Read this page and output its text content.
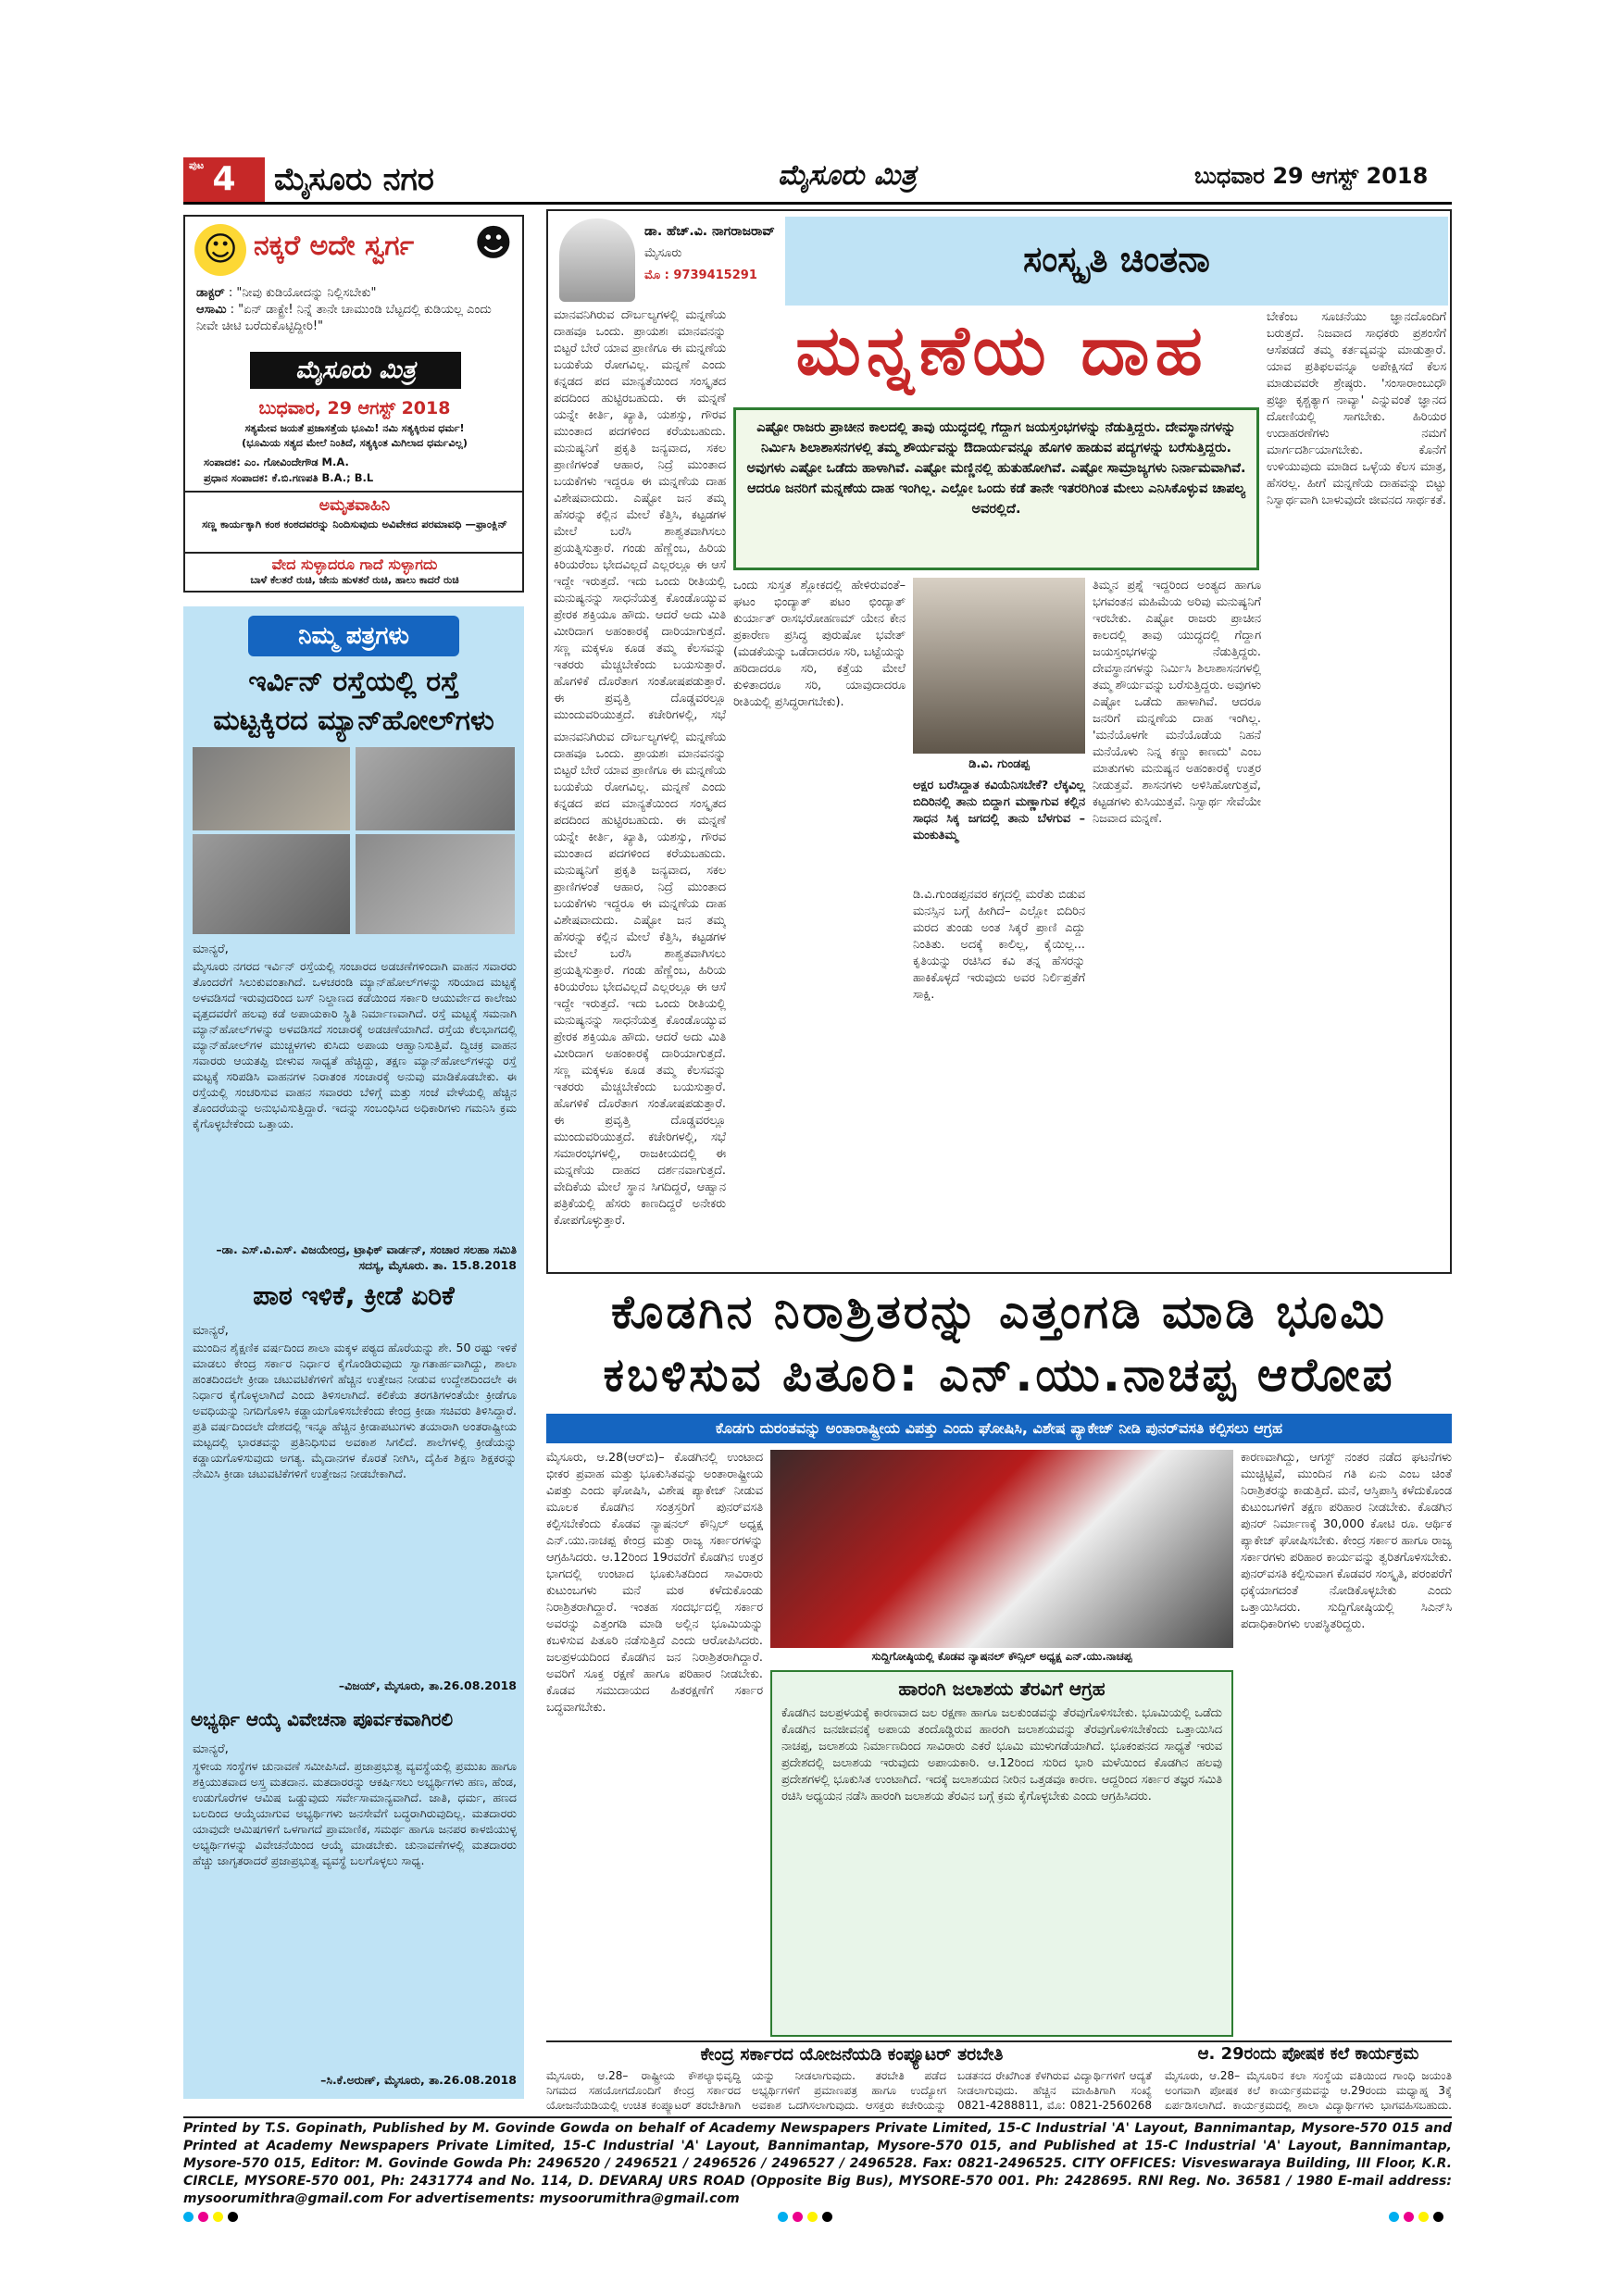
ಪುಟ 4	ಮೈಸೂರು ನಗರ	ಮೈಸೂರು ಮಿತ್ರ	ಬುಧವಾರ 29 ಆಗಸ್ಟ್ 2018
☺ ನಕ್ಕರೆ ಅದೇ ಸ್ವರ್ಗ ☻
ಡಾಕ್ಟರ್ : "ನೀವು ಕುಡಿಯೋದನ್ನು ನಿಲ್ಲಿಸಬೇಕು"
ಆಸಾಮಿ : "ಏನ್ ಡಾಕ್ಟ್ರೇ! ನಿನ್ನೆ ತಾನೇ ಚಾಮುಂಡಿ ಬೆಟ್ಟದಲ್ಲಿ ಕುಡಿಯಲ್ಲ ಎಂದು ನೀವೇ ಚೀಟಿ ಬರೆದುಕೊಟ್ಟಿದ್ದೀರಿ!"
ಮೈಸೂರು ಮಿತ್ರ
ಬುಧವಾರ, 29 ಆಗಸ್ಟ್ 2018
ಸತ್ಯಮೇವ ಜಯತೆ ಪ್ರಜಾಸತ್ತೆಯ ಭೂಮಿ! ನಮಿ ಸತ್ಯಕ್ಕಿರುವ ಧರ್ಮ!
(ಭೂಮಿಯ ಸತ್ಯದ ಮೇಲೆ ನಿಂತಿದೆ, ಸತ್ಯಕ್ಕಿಂತ ಮಿಗಿಲಾದ ಧರ್ಮವಿಲ್ಲ)
ಸಂಪಾದಕ: ಎಂ. ಗೋವಿಂದೇಗೌಡ M.A.
ಪ್ರಧಾನ ಸಂಪಾದಕ: ಕೆ.ಬಿ.ಗಣಪತಿ B.A.; B.L
ಅಮೃತವಾಹಿನಿ
ಸಣ್ಣ ಕಾರ್ಯಕ್ಕಾಗಿ ಕಂಠ ಕಂಠದವರನ್ನು ನಿಂದಿಸುವುದು ಅವಿವೇಕದ ಪರಮಾವಧಿ —ಫ್ರಾಂಕ್ಲಿನ್
ವೇದ ಸುಳ್ಳಾದರೂ ಗಾದೆ ಸುಳ್ಳಾಗದು
ಬಾಳೆ ಕೆಲತರೆ ರುಚಿ, ಜೇನು ಹುಳತರೆ ರುಚಿ, ಹಾಲು ಕಾದರೆ ರುಚಿ
ನಿಮ್ಮ ಪತ್ರಗಳು
ಇರ್ವಿನ್ ರಸ್ತೆಯಲ್ಲಿ ರಸ್ತೆ
ಮಟ್ಟಕ್ಕಿರದ ಮ್ಯಾನ್‌ಹೋಲ್‌ಗಳು
ಮಾನ್ಯರೆ,
ಮೈಸೂರು ನಗರದ ಇರ್ವಿನ್ ರಸ್ತೆಯಲ್ಲಿ ಸಂಚಾರದ ಅಡಚಣೆಗಳಿಂದಾಗಿ ವಾಹನ ಸವಾರರು ತೊಂದರೆಗೆ ಸಿಲುಕುವಂತಾಗಿದೆ. ಒಳಚರಂಡಿ ಮ್ಯಾನ್‌ಹೋಲ್‌ಗಳನ್ನು ಸರಿಯಾದ ಮಟ್ಟಕ್ಕೆ ಅಳವಡಿಸದೆ ಇರುವುದರಿಂದ ಬಸ್ ನಿಲ್ದಾಣದ ಕಡೆಯಿಂದ ಸರ್ಕಾರಿ ಆಯುರ್ವೇದ ಕಾಲೇಜು ವೃತ್ತದವರೆಗೆ ಹಲವು ಕಡೆ ಅಪಾಯಕಾರಿ ಸ್ಥಿತಿ ನಿರ್ಮಾಣವಾಗಿದೆ. ರಸ್ತೆ ಮಟ್ಟಕ್ಕೆ ಸಮನಾಗಿ ಮ್ಯಾನ್‌ಹೋಲ್‌ಗಳನ್ನು ಅಳವಡಿಸದೆ ಸಂಚಾರಕ್ಕೆ ಅಡಚಣೆಯಾಗಿದೆ. ರಸ್ತೆಯ ಕೆಲಭಾಗದಲ್ಲಿ ಮ್ಯಾನ್‌ಹೋಲ್‌ಗಳ ಮುಚ್ಚಳಗಳು ಕುಸಿದು ಅಪಾಯ ಆಹ್ವಾನಿಸುತ್ತಿವೆ. ದ್ವಿಚಕ್ರ ವಾಹನ ಸವಾರರು ಆಯತಪ್ಪಿ ಬೀಳುವ ಸಾಧ್ಯತೆ ಹೆಚ್ಚಿದ್ದು, ತಕ್ಷಣ ಮ್ಯಾನ್‌ಹೋಲ್‌ಗಳನ್ನು ರಸ್ತೆ ಮಟ್ಟಕ್ಕೆ ಸರಿಪಡಿಸಿ ವಾಹನಗಳ ನಿರಾತಂಕ ಸಂಚಾರಕ್ಕೆ ಅನುವು ಮಾಡಿಕೊಡಬೇಕು. ಈ ರಸ್ತೆಯಲ್ಲಿ ಸಂಚರಿಸುವ ವಾಹನ ಸವಾರರು ಬೆಳಿಗ್ಗೆ ಮತ್ತು ಸಂಜೆ ವೇಳೆಯಲ್ಲಿ ಹೆಚ್ಚಿನ ತೊಂದರೆಯನ್ನು ಅನುಭವಿಸುತ್ತಿದ್ದಾರೆ. ಇದನ್ನು ಸಂಬಂಧಿಸಿದ ಅಧಿಕಾರಿಗಳು ಗಮನಿಸಿ ಕ್ರಮ ಕೈಗೊಳ್ಳಬೇಕೆಂದು ಒತ್ತಾಯ.
–ಡಾ. ಎಸ್.ವಿ.ಎಸ್. ವಿಜಯೇಂದ್ರ, ಟ್ರಾಫಿಕ್ ವಾರ್ಡನ್, ಸಂಚಾರ ಸಲಹಾ ಸಮಿತಿ ಸದಸ್ಯ, ಮೈಸೂರು. ತಾ. 15.8.2018
ಪಾಠ ಇಳಿಕೆ, ಕ್ರೀಡೆ ಏರಿಕೆ
ಮಾನ್ಯರೆ,
ಮುಂದಿನ ಶೈಕ್ಷಣಿಕ ವರ್ಷದಿಂದ ಶಾಲಾ ಮಕ್ಕಳ ಪಠ್ಯದ ಹೊರೆಯನ್ನು ಶೇ. 50 ರಷ್ಟು ಇಳಿಕೆ ಮಾಡಲು ಕೇಂದ್ರ ಸರ್ಕಾರ ನಿರ್ಧಾರ ಕೈಗೊಂಡಿರುವುದು ಸ್ವಾಗತಾರ್ಹವಾಗಿದ್ದು, ಶಾಲಾ ಹಂತದಿಂದಲೇ ಕ್ರೀಡಾ ಚಟುವಟಿಕೆಗಳಿಗೆ ಹೆಚ್ಚಿನ ಉತ್ತೇಜನ ನೀಡುವ ಉದ್ದೇಶದಿಂದಲೇ ಈ ನಿರ್ಧಾರ ಕೈಗೊಳ್ಳಲಾಗಿದೆ ಎಂದು ತಿಳಿಸಲಾಗಿದೆ. ಕಲಿಕೆಯ ತರಗತಿಗಳಂತೆಯೇ ಕ್ರೀಡೆಗೂ ಅವಧಿಯನ್ನು ನಿಗದಿಗೊಳಿಸಿ ಕಡ್ಡಾಯಗೊಳಿಸಬೇಕೆಂದು ಕೇಂದ್ರ ಕ್ರೀಡಾ ಸಚಿವರು ತಿಳಿಸಿದ್ದಾರೆ. ಪ್ರತಿ ವರ್ಷದಿಂದಲೇ ದೇಶದಲ್ಲಿ ಇನ್ನೂ ಹೆಚ್ಚಿನ ಕ್ರೀಡಾಪಟುಗಳು ತಯಾರಾಗಿ ಅಂತರಾಷ್ಟ್ರೀಯ ಮಟ್ಟದಲ್ಲಿ ಭಾರತವನ್ನು ಪ್ರತಿನಿಧಿಸುವ ಅವಕಾಶ ಸಿಗಲಿದೆ. ಶಾಲೆಗಳಲ್ಲಿ ಕ್ರೀಡೆಯನ್ನು ಕಡ್ಡಾಯಗೊಳಿಸುವುದು ಅಗತ್ಯ. ಮೈದಾನಗಳ ಕೊರತೆ ನೀಗಿಸಿ, ದೈಹಿಕ ಶಿಕ್ಷಣ ಶಿಕ್ಷಕರನ್ನು ನೇಮಿಸಿ ಕ್ರೀಡಾ ಚಟುವಟಿಕೆಗಳಿಗೆ ಉತ್ತೇಜನ ನೀಡಬೇಕಾಗಿದೆ.
–ವಿಜಯ್, ಮೈಸೂರು, ತಾ.26.08.2018
ಅಭ್ಯರ್ಥಿ ಆಯ್ಕೆ ವಿವೇಚನಾ ಪೂರ್ವಕವಾಗಿರಲಿ
ಮಾನ್ಯರೆ,
ಸ್ಥಳೀಯ ಸಂಸ್ಥೆಗಳ ಚುನಾವಣೆ ಸಮೀಪಿಸಿದೆ. ಪ್ರಜಾಪ್ರಭುತ್ವ ವ್ಯವಸ್ಥೆಯಲ್ಲಿ ಪ್ರಮುಖ ಹಾಗೂ ಶಕ್ತಿಯುತವಾದ ಅಸ್ತ್ರ ಮತದಾನ. ಮತದಾರರನ್ನು ಆಕರ್ಷಿಸಲು ಅಭ್ಯರ್ಥಿಗಳು ಹಣ, ಹೆಂಡ, ಉಡುಗೊರೆಗಳ ಆಮಿಷ ಒಡ್ಡುವುದು ಸರ್ವೇಸಾಮಾನ್ಯವಾಗಿದೆ. ಜಾತಿ, ಧರ್ಮ, ಹಣದ ಬಲದಿಂದ ಆಯ್ಕೆಯಾಗುವ ಅಭ್ಯರ್ಥಿಗಳು ಜನಸೇವೆಗೆ ಬದ್ಧರಾಗಿರುವುದಿಲ್ಲ. ಮತದಾರರು ಯಾವುದೇ ಆಮಿಷಗಳಿಗೆ ಒಳಗಾಗದೆ ಪ್ರಾಮಾಣಿಕ, ಸಮರ್ಥ ಹಾಗೂ ಜನಪರ ಕಾಳಜಿಯುಳ್ಳ ಅಭ್ಯರ್ಥಿಗಳನ್ನು ವಿವೇಚನೆಯಿಂದ ಆಯ್ಕೆ ಮಾಡಬೇಕು. ಚುನಾವಣೆಗಳಲ್ಲಿ ಮತದಾರರು ಹೆಚ್ಚು ಜಾಗೃತರಾದರೆ ಪ್ರಜಾಪ್ರಭುತ್ವ ವ್ಯವಸ್ಥೆ ಬಲಗೊಳ್ಳಲು ಸಾಧ್ಯ.
–ಸಿ.ಕೆ.ಅರುಣ್, ಮೈಸೂರು, ತಾ.26.08.2018
ಡಾ. ಹೆಚ್.ವಿ. ನಾಗರಾಜರಾವ್
ಮೈಸೂರು
ಮೊ : 9739415291	ಸಂಸ್ಕೃತಿ ಚಿಂತನಾ
ಮನ್ನಣೆಯ ದಾಹ
ಮಾನವನಿಗಿರುವ ದೌರ್ಬಲ್ಯಗಳಲ್ಲಿ ಮನ್ನಣೆಯ ದಾಹವೂ ಒಂದು. ಪ್ರಾಯಶಃ ಮಾನವನನ್ನು ಬಿಟ್ಟರೆ ಬೇರೆ ಯಾವ ಪ್ರಾಣಿಗೂ ಈ ಮನ್ನಣೆಯ ಬಯಕೆಯ ರೋಗವಿಲ್ಲ. ಮನ್ನಣೆ ಎಂದು ಕನ್ನಡದ ಪದ ಮಾನ್ಯತೆಯಿಂದ ಸಂಸ್ಕೃತದ ಪದದಿಂದ ಹುಟ್ಟಿರಬಹುದು. ಈ ಮನ್ನಣೆ ಯನ್ನೇ ಕೀರ್ತಿ, ಖ್ಯಾತಿ, ಯಶಸ್ಸು, ಗೌರವ ಮುಂತಾದ ಪದಗಳಿಂದ ಕರೆಯಬಹುದು. ಮನುಷ್ಯನಿಗೆ ಪ್ರಕೃತಿ ಜನ್ಯವಾದ, ಸಕಲ ಪ್ರಾಣಿಗಳಂತೆ ಆಹಾರ, ನಿದ್ರೆ ಮುಂತಾದ ಬಯಕೆಗಳು ಇದ್ದರೂ ಈ ಮನ್ನಣೆಯ ದಾಹ ವಿಶೇಷವಾದುದು. ಎಷ್ಟೋ ಜನ ತಮ್ಮ ಹೆಸರನ್ನು ಕಲ್ಲಿನ ಮೇಲೆ ಕೆತ್ತಿಸಿ, ಕಟ್ಟಡಗಳ ಮೇಲೆ ಬರೆಸಿ ಶಾಶ್ವತವಾಗಿಸಲು ಪ್ರಯತ್ನಿಸುತ್ತಾರೆ. ಗಂಡು ಹೆಣ್ಣೆಂಬ, ಹಿರಿಯ ಕಿರಿಯರೆಂಬ ಭೇದವಿಲ್ಲದೆ ಎಲ್ಲರಲ್ಲೂ ಈ ಆಸೆ ಇದ್ದೇ ಇರುತ್ತದೆ. ಇದು ಒಂದು ರೀತಿಯಲ್ಲಿ ಮನುಷ್ಯನನ್ನು ಸಾಧನೆಯತ್ತ ಕೊಂಡೊಯ್ಯುವ ಪ್ರೇರಕ ಶಕ್ತಿಯೂ ಹೌದು. ಆದರೆ ಅದು ಮಿತಿ ಮೀರಿದಾಗ ಅಹಂಕಾರಕ್ಕೆ ದಾರಿಯಾಗುತ್ತದೆ. ಸಣ್ಣ ಮಕ್ಕಳೂ ಕೂಡ ತಮ್ಮ ಕೆಲಸವನ್ನು ಇತರರು ಮೆಚ್ಚಬೇಕೆಂದು ಬಯಸುತ್ತಾರೆ. ಹೊಗಳಿಕೆ ದೊರೆತಾಗ ಸಂತೋಷಪಡುತ್ತಾರೆ. ಈ ಪ್ರವೃತ್ತಿ ದೊಡ್ಡವರಲ್ಲೂ ಮುಂದುವರಿಯುತ್ತದೆ. ಕಚೇರಿಗಳಲ್ಲಿ, ಸಭೆ
ಎಷ್ಟೋ ರಾಜರು ಪ್ರಾಚೀನ ಕಾಲದಲ್ಲಿ ತಾವು ಯುದ್ಧದಲ್ಲಿ ಗೆದ್ದಾಗ ಜಯಸ್ತಂಭಗಳನ್ನು ನೆಡುತ್ತಿದ್ದರು. ದೇವಸ್ಥಾನಗಳನ್ನು ನಿರ್ಮಿಸಿ ಶಿಲಾಶಾಸನಗಳಲ್ಲಿ ತಮ್ಮ ಶೌರ್ಯವನ್ನು ಔದಾರ್ಯವನ್ನೂ ಹೊಗಳಿ ಹಾಡುವ ಪದ್ಯಗಳನ್ನು ಬರೆಸುತ್ತಿದ್ದರು. ಅವುಗಳು ಎಷ್ಟೋ ಒಡೆದು ಹಾಳಾಗಿವೆ. ಎಷ್ಟೋ ಮಣ್ಣಿನಲ್ಲಿ ಹುತುಹೋಗಿವೆ. ಎಷ್ಟೋ ಸಾಮ್ರಾಜ್ಯಗಳು ನಿರ್ನಾಮವಾಗಿವೆ. ಆದರೂ ಜನರಿಗೆ ಮನ್ನಣೆಯ ದಾಹ ಇಂಗಿಲ್ಲ. ಎಲ್ಲೋ ಒಂದು ಕಡೆ ತಾನೇ ಇತರರಿಗಿಂತ ಮೇಲು ಎನಿಸಿಕೊಳ್ಳುವ ಚಾಪಲ್ಯ ಅವರಲ್ಲಿದೆ.
ಬೇಕೆಂಬ ಸೂಚನೆಯು ಜ್ಞಾನದೊಂದಿಗೆ ಬರುತ್ತದೆ. ನಿಜವಾದ ಸಾಧಕರು ಪ್ರಶಂಸೆಗೆ ಆಸೆಪಡದೆ ತಮ್ಮ ಕರ್ತವ್ಯವನ್ನು ಮಾಡುತ್ತಾರೆ. ಯಾವ ಪ್ರತಿಫಲವನ್ನೂ ಅಪೇಕ್ಷಿಸದೆ ಕೆಲಸ ಮಾಡುವವರೇ ಶ್ರೇಷ್ಠರು. 'ಸಂಸಾರಾಂಬುಧೌ ಪ್ರಜ್ಞಾ ಕೃಶ್ಚತ್ಯಾಗ ನಾವ್ಯಾ' ಎನ್ನುವಂತೆ ಜ್ಞಾನದ ದೋಣಿಯಲ್ಲಿ ಸಾಗಬೇಕು. ಹಿರಿಯರ ಉದಾಹರಣೆಗಳು ನಮಗೆ ಮಾರ್ಗದರ್ಶಿಯಾಗಬೇಕು. ಕೊನೆಗೆ ಉಳಿಯುವುದು ಮಾಡಿದ ಒಳ್ಳೆಯ ಕೆಲಸ ಮಾತ್ರ, ಹೆಸರಲ್ಲ. ಹೀಗೆ ಮನ್ನಣೆಯ ದಾಹವನ್ನು ಬಿಟ್ಟು ನಿಸ್ವಾರ್ಥವಾಗಿ ಬಾಳುವುದೇ ಜೀವನದ ಸಾರ್ಥಕತೆ.
ಮಾನವನಿಗಿರುವ ದೌರ್ಬಲ್ಯಗಳಲ್ಲಿ ಮನ್ನಣೆಯ ದಾಹವೂ ಒಂದು. ಪ್ರಾಯಶಃ ಮಾನವನನ್ನು ಬಿಟ್ಟರೆ ಬೇರೆ ಯಾವ ಪ್ರಾಣಿಗೂ ಈ ಮನ್ನಣೆಯ ಬಯಕೆಯ ರೋಗವಿಲ್ಲ. ಮನ್ನಣೆ ಎಂದು ಕನ್ನಡದ ಪದ ಮಾನ್ಯತೆಯಿಂದ ಸಂಸ್ಕೃತದ ಪದದಿಂದ ಹುಟ್ಟಿರಬಹುದು. ಈ ಮನ್ನಣೆ ಯನ್ನೇ ಕೀರ್ತಿ, ಖ್ಯಾತಿ, ಯಶಸ್ಸು, ಗೌರವ ಮುಂತಾದ ಪದಗಳಿಂದ ಕರೆಯಬಹುದು. ಮನುಷ್ಯನಿಗೆ ಪ್ರಕೃತಿ ಜನ್ಯವಾದ, ಸಕಲ ಪ್ರಾಣಿಗಳಂತೆ ಆಹಾರ, ನಿದ್ರೆ ಮುಂತಾದ ಬಯಕೆಗಳು ಇದ್ದರೂ ಈ ಮನ್ನಣೆಯ ದಾಹ ವಿಶೇಷವಾದುದು. ಎಷ್ಟೋ ಜನ ತಮ್ಮ ಹೆಸರನ್ನು ಕಲ್ಲಿನ ಮೇಲೆ ಕೆತ್ತಿಸಿ, ಕಟ್ಟಡಗಳ ಮೇಲೆ ಬರೆಸಿ ಶಾಶ್ವತವಾಗಿಸಲು ಪ್ರಯತ್ನಿಸುತ್ತಾರೆ. ಗಂಡು ಹೆಣ್ಣೆಂಬ, ಹಿರಿಯ ಕಿರಿಯರೆಂಬ ಭೇದವಿಲ್ಲದೆ ಎಲ್ಲರಲ್ಲೂ ಈ ಆಸೆ ಇದ್ದೇ ಇರುತ್ತದೆ. ಇದು ಒಂದು ರೀತಿಯಲ್ಲಿ ಮನುಷ್ಯನನ್ನು ಸಾಧನೆಯತ್ತ ಕೊಂಡೊಯ್ಯುವ ಪ್ರೇರಕ ಶಕ್ತಿಯೂ ಹೌದು. ಆದರೆ ಅದು ಮಿತಿ ಮೀರಿದಾಗ ಅಹಂಕಾರಕ್ಕೆ ದಾರಿಯಾಗುತ್ತದೆ. ಸಣ್ಣ ಮಕ್ಕಳೂ ಕೂಡ ತಮ್ಮ ಕೆಲಸವನ್ನು ಇತರರು ಮೆಚ್ಚಬೇಕೆಂದು ಬಯಸುತ್ತಾರೆ. ಹೊಗಳಿಕೆ ದೊರೆತಾಗ ಸಂತೋಷಪಡುತ್ತಾರೆ. ಈ ಪ್ರವೃತ್ತಿ ದೊಡ್ಡವರಲ್ಲೂ ಮುಂದುವರಿಯುತ್ತದೆ. ಕಚೇರಿಗಳಲ್ಲಿ, ಸಭೆ ಸಮಾರಂಭಗಳಲ್ಲಿ, ರಾಜಕೀಯದಲ್ಲಿ ಈ ಮನ್ನಣೆಯ ದಾಹದ ದರ್ಶನವಾಗುತ್ತದೆ. ವೇದಿಕೆಯ ಮೇಲೆ ಸ್ಥಾನ ಸಿಗದಿದ್ದರೆ, ಆಹ್ವಾನ ಪತ್ರಿಕೆಯಲ್ಲಿ ಹೆಸರು ಕಾಣದಿದ್ದರೆ ಅನೇಕರು ಕೋಪಗೊಳ್ಳುತ್ತಾರೆ.
ಒಂದು ಸುಸ್ತತ ಶ್ಲೋಕದಲ್ಲಿ ಹೇಳಿರುವಂತೆ– ಘಟಂ ಭಿಂದ್ಯಾತ್ ಪಟಂ ಛಿಂದ್ಯಾತ್ ಕುರ್ಯಾತ್ ರಾಸಭರೋಹಣಮ್ ಯೇನ ಕೇನ ಪ್ರಕಾರೇಣ ಪ್ರಸಿದ್ಧ ಪುರುಷೋ ಭವೇತ್ (ಮಡಕೆಯನ್ನು ಒಡೆದಾದರೂ ಸರಿ, ಬಟ್ಟೆಯನ್ನು ಹರಿದಾದರೂ ಸರಿ, ಕತ್ತೆಯ ಮೇಲೆ ಕುಳಿತಾದರೂ ಸರಿ, ಯಾವುದಾದರೂ ರೀತಿಯಲ್ಲಿ ಪ್ರಸಿದ್ಧರಾಗಬೇಕು).
ಡಿ.ವಿ. ಗುಂಡಪ್ಪ
ಅಕ್ಷರ ಬರೆಸಿದ್ದಾತ ಕವಿಯೆನಿಸಬೇಕೆ? ಲೆಕ್ಕವಿಲ್ಲ ಬಿದಿರಿನಲ್ಲಿ ತಾನು ಬಿದ್ದಾಗ ಮಣ್ಣಾಗುವ ಕಲ್ಲಿನ ಸಾಧನ ಸಿಕ್ಕ ಜಗದಲ್ಲಿ ತಾನು ಬೆಳಗುವ – ಮಂಕುತಿಮ್ಮ
ಡಿ.ವಿ.ಗುಂಡಪ್ಪನವರ ಕಗ್ಗದಲ್ಲಿ ಮರೆತು ಬಿಡುವ ಮನಸ್ಸಿನ ಬಗ್ಗೆ ಹೀಗಿದೆ– ಎಲ್ಲೋ ಬಿದಿರಿನ ಮರದ ತುಂಡು ಅಂತ ಸಿಕ್ಕರೆ ಪ್ರಾಣಿ ಎದ್ದು ನಿಂತಿತು. ಅದಕ್ಕೆ ಕಾಲಿಲ್ಲ, ಕೈಯಿಲ್ಲ... ಕೃತಿಯನ್ನು ರಚಿಸಿದ ಕವಿ ತನ್ನ ಹೆಸರನ್ನು ಹಾಕಿಕೊಳ್ಳದೆ ಇರುವುದು ಅವರ ನಿರ್ಲಿಪ್ತತೆಗೆ ಸಾಕ್ಷಿ.
ತಿಮ್ಮನ ಪ್ರಶ್ನೆ ಇದ್ದರಿಂದ ಅಂತ್ಯದ ಹಾಗೂ ಭಗವಂತನ ಮಹಿಮೆಯ ಅರಿವು ಮನುಷ್ಯನಿಗೆ ಇರಬೇಕು. ಎಷ್ಟೋ ರಾಜರು ಪ್ರಾಚೀನ ಕಾಲದಲ್ಲಿ ತಾವು ಯುದ್ಧದಲ್ಲಿ ಗೆದ್ದಾಗ ಜಯಸ್ತಂಭಗಳನ್ನು ನೆಡುತ್ತಿದ್ದರು. ದೇವಸ್ಥಾನಗಳನ್ನು ನಿರ್ಮಿಸಿ ಶಿಲಾಶಾಸನಗಳಲ್ಲಿ ತಮ್ಮ ಶೌರ್ಯವನ್ನು ಬರೆಸುತ್ತಿದ್ದರು. ಅವುಗಳು ಎಷ್ಟೋ ಒಡೆದು ಹಾಳಾಗಿವೆ. ಆದರೂ ಜನರಿಗೆ ಮನ್ನಣೆಯ ದಾಹ ಇಂಗಿಲ್ಲ. 'ಮನೆಯೊಳಗೇ ಮನೆಯೊಡೆಯ ನಿಹನೆ ಮನೆಯೊಳು ನಿನ್ನ ಕಣ್ಣು ಕಾಣದು' ಎಂಬ ಮಾತುಗಳು ಮನುಷ್ಯನ ಅಹಂಕಾರಕ್ಕೆ ಉತ್ತರ ನೀಡುತ್ತವೆ. ಶಾಸನಗಳು ಅಳಿಸಿಹೋಗುತ್ತವೆ, ಕಟ್ಟಡಗಳು ಕುಸಿಯುತ್ತವೆ. ನಿಸ್ವಾರ್ಥ ಸೇವೆಯೇ ನಿಜವಾದ ಮನ್ನಣೆ.
ಕೊಡಗಿನ ನಿರಾಶ್ರಿತರನ್ನು ಎತ್ತಂಗಡಿ ಮಾಡಿ ಭೂಮಿ
ಕಬಳಿಸುವ ಪಿತೂರಿ: ಎನ್.ಯು.ನಾಚಪ್ಪ ಆರೋಪ
ಕೊಡಗು ದುರಂತವನ್ನು ಅಂತಾರಾಷ್ಟ್ರೀಯ ವಿಪತ್ತು ಎಂದು ಘೋಷಿಸಿ, ವಿಶೇಷ ಪ್ಯಾಕೇಜ್ ನೀಡಿ ಪುನರ್‌ವಸತಿ ಕಲ್ಪಿಸಲು ಆಗ್ರಹ
ಮೈಸೂರು, ಆ.28(ಆರ್‌ಬಿ)– ಕೊಡಗಿನಲ್ಲಿ ಉಂಟಾದ ಭೀಕರ ಪ್ರವಾಹ ಮತ್ತು ಭೂಕುಸಿತವನ್ನು ಅಂತಾರಾಷ್ಟ್ರೀಯ ವಿಪತ್ತು ಎಂದು ಘೋಷಿಸಿ, ವಿಶೇಷ ಪ್ಯಾಕೇಜ್ ನೀಡುವ ಮೂಲಕ ಕೊಡಗಿನ ಸಂತ್ರಸ್ತರಿಗೆ ಪುನರ್‌ವಸತಿ ಕಲ್ಪಿಸಬೇಕೆಂದು ಕೊಡವ ನ್ಯಾಷನಲ್ ಕೌನ್ಸಿಲ್ ಅಧ್ಯಕ್ಷ ಎನ್.ಯು.ನಾಚಪ್ಪ ಕೇಂದ್ರ ಮತ್ತು ರಾಜ್ಯ ಸರ್ಕಾರಗಳನ್ನು ಆಗ್ರಹಿಸಿದರು. ಆ.12ರಿಂದ 19ರವರೆಗೆ ಕೊಡಗಿನ ಉತ್ತರ ಭಾಗದಲ್ಲಿ ಉಂಟಾದ ಭೂಕುಸಿತದಿಂದ ಸಾವಿರಾರು ಕುಟುಂಬಗಳು ಮನೆ ಮಠ ಕಳೆದುಕೊಂಡು ನಿರಾಶ್ರಿತರಾಗಿದ್ದಾರೆ. ಇಂತಹ ಸಂದರ್ಭದಲ್ಲಿ ಸರ್ಕಾರ ಅವರನ್ನು ಎತ್ತಂಗಡಿ ಮಾಡಿ ಅಲ್ಲಿನ ಭೂಮಿಯನ್ನು ಕಬಳಿಸುವ ಪಿತೂರಿ ನಡೆಸುತ್ತಿದೆ ಎಂದು ಆರೋಪಿಸಿದರು. ಜಲಪ್ರಳಯದಿಂದ ಕೊಡಗಿನ ಜನ ನಿರಾಶ್ರಿತರಾಗಿದ್ದಾರೆ. ಅವರಿಗೆ ಸೂಕ್ತ ರಕ್ಷಣೆ ಹಾಗೂ ಪರಿಹಾರ ನೀಡಬೇಕು. ಕೊಡವ ಸಮುದಾಯದ ಹಿತರಕ್ಷಣೆಗೆ ಸರ್ಕಾರ ಬದ್ಧವಾಗಬೇಕು.
ಸುದ್ದಿಗೋಷ್ಠಿಯಲ್ಲಿ ಕೊಡವ ನ್ಯಾಷನಲ್ ಕೌನ್ಸಿಲ್ ಅಧ್ಯಕ್ಷ ಎನ್.ಯು.ನಾಚಪ್ಪ
ಕಾರಣವಾಗಿದ್ದು, ಆಗಸ್ಟ್ ನಂತರ ನಡೆದ ಘಟನೆಗಳು ಮುಚ್ಚಿಟ್ಟಿವೆ, ಮುಂದಿನ ಗತಿ ಏನು ಎಂಬ ಚಿಂತೆ ನಿರಾಶ್ರಿತರನ್ನು ಕಾಡುತ್ತಿದೆ. ಮನೆ, ಆಸ್ತಿಪಾಸ್ತಿ ಕಳೆದುಕೊಂಡ ಕುಟುಂಬಗಳಿಗೆ ತಕ್ಷಣ ಪರಿಹಾರ ನೀಡಬೇಕು. ಕೊಡಗಿನ ಪುನರ್ ನಿರ್ಮಾಣಕ್ಕೆ 30,000 ಕೋಟಿ ರೂ. ಆರ್ಥಿಕ ಪ್ಯಾಕೇಜ್ ಘೋಷಿಸಬೇಕು. ಕೇಂದ್ರ ಸರ್ಕಾರ ಹಾಗೂ ರಾಜ್ಯ ಸರ್ಕಾರಗಳು ಪರಿಹಾರ ಕಾರ್ಯವನ್ನು ತ್ವರಿತಗೊಳಿಸಬೇಕು. ಪುನರ್‌ವಸತಿ ಕಲ್ಪಿಸುವಾಗ ಕೊಡವರ ಸಂಸ್ಕೃತಿ, ಪರಂಪರೆಗೆ ಧಕ್ಕೆಯಾಗದಂತೆ ನೋಡಿಕೊಳ್ಳಬೇಕು ಎಂದು ಒತ್ತಾಯಿಸಿದರು. ಸುದ್ದಿಗೋಷ್ಠಿಯಲ್ಲಿ ಸಿಎನ್‌ಸಿ ಪದಾಧಿಕಾರಿಗಳು ಉಪಸ್ಥಿತರಿದ್ದರು.
ಹಾರಂಗಿ ಜಲಾಶಯ ತೆರವಿಗೆ ಆಗ್ರಹ
ಕೊಡಗಿನ ಜಲಪ್ರಳಯಕ್ಕೆ ಕಾರಣವಾದ ಜಲ ರಕ್ಷಣಾ ಹಾಗೂ ಜಲಕುಂಡವನ್ನು ತೆರವುಗೊಳಿಸಬೇಕು. ಭೂಮಿಯಲ್ಲಿ ಒಡೆದು ಕೊಡಗಿನ ಜನಜೀವನಕ್ಕೆ ಅಪಾಯ ತಂದೊಡ್ಡಿರುವ ಹಾರಂಗಿ ಜಲಾಶಯವನ್ನು ತೆರವುಗೊಳಿಸಬೇಕೆಂದು ಒತ್ತಾಯಿಸಿದ ನಾಚಪ್ಪ, ಜಲಾಶಯ ನಿರ್ಮಾಣದಿಂದ ಸಾವಿರಾರು ಎಕರೆ ಭೂಮಿ ಮುಳುಗಡೆಯಾಗಿದೆ. ಭೂಕಂಪನದ ಸಾಧ್ಯತೆ ಇರುವ ಪ್ರದೇಶದಲ್ಲಿ ಜಲಾಶಯ ಇರುವುದು ಅಪಾಯಕಾರಿ. ಆ.12ರಿಂದ ಸುರಿದ ಭಾರಿ ಮಳೆಯಿಂದ ಕೊಡಗಿನ ಹಲವು ಪ್ರದೇಶಗಳಲ್ಲಿ ಭೂಕುಸಿತ ಉಂಟಾಗಿದೆ. ಇದಕ್ಕೆ ಜಲಾಶಯದ ನೀರಿನ ಒತ್ತಡವೂ ಕಾರಣ. ಆದ್ದರಿಂದ ಸರ್ಕಾರ ತಜ್ಞರ ಸಮಿತಿ ರಚಿಸಿ ಅಧ್ಯಯನ ನಡೆಸಿ ಹಾರಂಗಿ ಜಲಾಶಯ ತೆರವಿನ ಬಗ್ಗೆ ಕ್ರಮ ಕೈಗೊಳ್ಳಬೇಕು ಎಂದು ಆಗ್ರಹಿಸಿದರು.
ಕೇಂದ್ರ ಸರ್ಕಾರದ ಯೋಜನೆಯಡಿ ಕಂಪ್ಯೂಟರ್ ತರಬೇತಿ
ಮೈಸೂರು, ಆ.28– ರಾಷ್ಟ್ರೀಯ ಕೌಶಲ್ಯಾಭಿವೃದ್ಧಿ ನಿಗಮದ ಸಹಯೋಗದೊಂದಿಗೆ ಕೇಂದ್ರ ಸರ್ಕಾರದ ಯೋಜನೆಯಡಿಯಲ್ಲಿ ಉಚಿತ ಕಂಪ್ಯೂಟರ್ ತರಬೇತಿಗಾಗಿ
ಯನ್ನು ನೀಡಲಾಗುವುದು. ತರಬೇತಿ ಪಡೆದ ಅಭ್ಯರ್ಥಿಗಳಿಗೆ ಪ್ರಮಾಣಪತ್ರ ಹಾಗೂ ಉದ್ಯೋಗ ಅವಕಾಶ ಒದಗಿಸಲಾಗುವುದು. ಆಸಕ್ತರು ಕಚೇರಿಯನ್ನು
ಬಡತನದ ರೇಖೆಗಿಂತ ಕೆಳಗಿರುವ ವಿದ್ಯಾರ್ಥಿಗಳಿಗೆ ಆದ್ಯತೆ ನೀಡಲಾಗುವುದು. ಹೆಚ್ಚಿನ ಮಾಹಿತಿಗಾಗಿ ಸಂಖ್ಯೆ 0821-4288811, ಮೊ: 0821-2560268
ಆ. 29ರಂದು ಪೋಷಕ ಕಲೆ ಕಾರ್ಯಕ್ರಮ
ಮೈಸೂರು, ಆ.28– ಮೈಸೂರಿನ ಕಲಾ ಸಂಸ್ಥೆಯ ವತಿಯಿಂದ ಗಾಂಧಿ ಜಯಂತಿ ಅಂಗವಾಗಿ ಪೋಷಕ ಕಲೆ ಕಾರ್ಯಕ್ರಮವನ್ನು ಆ.29ರಂದು ಮಧ್ಯಾಹ್ನ 3ಕ್ಕೆ ಏರ್ಪಡಿಸಲಾಗಿದೆ. ಕಾರ್ಯಕ್ರಮದಲ್ಲಿ ಶಾಲಾ ವಿದ್ಯಾರ್ಥಿಗಳು ಭಾಗವಹಿಸಬಹುದು.
Printed by T.S. Gopinath, Published by M. Govinde Gowda on behalf of Academy Newspapers Private Limited, 15-C Industrial 'A' Layout, Bannimantap, Mysore-570 015 and Printed at Academy Newspapers Private Limited, 15-C Industrial 'A' Layout, Bannimantap, Mysore-570 015, and Published at 15-C Industrial 'A' Layout, Bannimantap, Mysore-570 015, Editor: M. Govinde Gowda Ph: 2496520 / 2496521 / 2496526 / 2496527 / 2496528. Fax: 0821-2496525. CITY OFFICES: Visveswaraya Building, III Floor, K.R. CIRCLE, MYSORE-570 001, Ph: 2431774 and No. 114, D. DEVARAJ URS ROAD (Opposite Big Bus), MYSORE-570 001. Ph: 2428695. RNI Reg. No. 36581 / 1980 E-mail address: mysoorumithra@gmail.com For advertisements: mysoorumithra@gmail.com
